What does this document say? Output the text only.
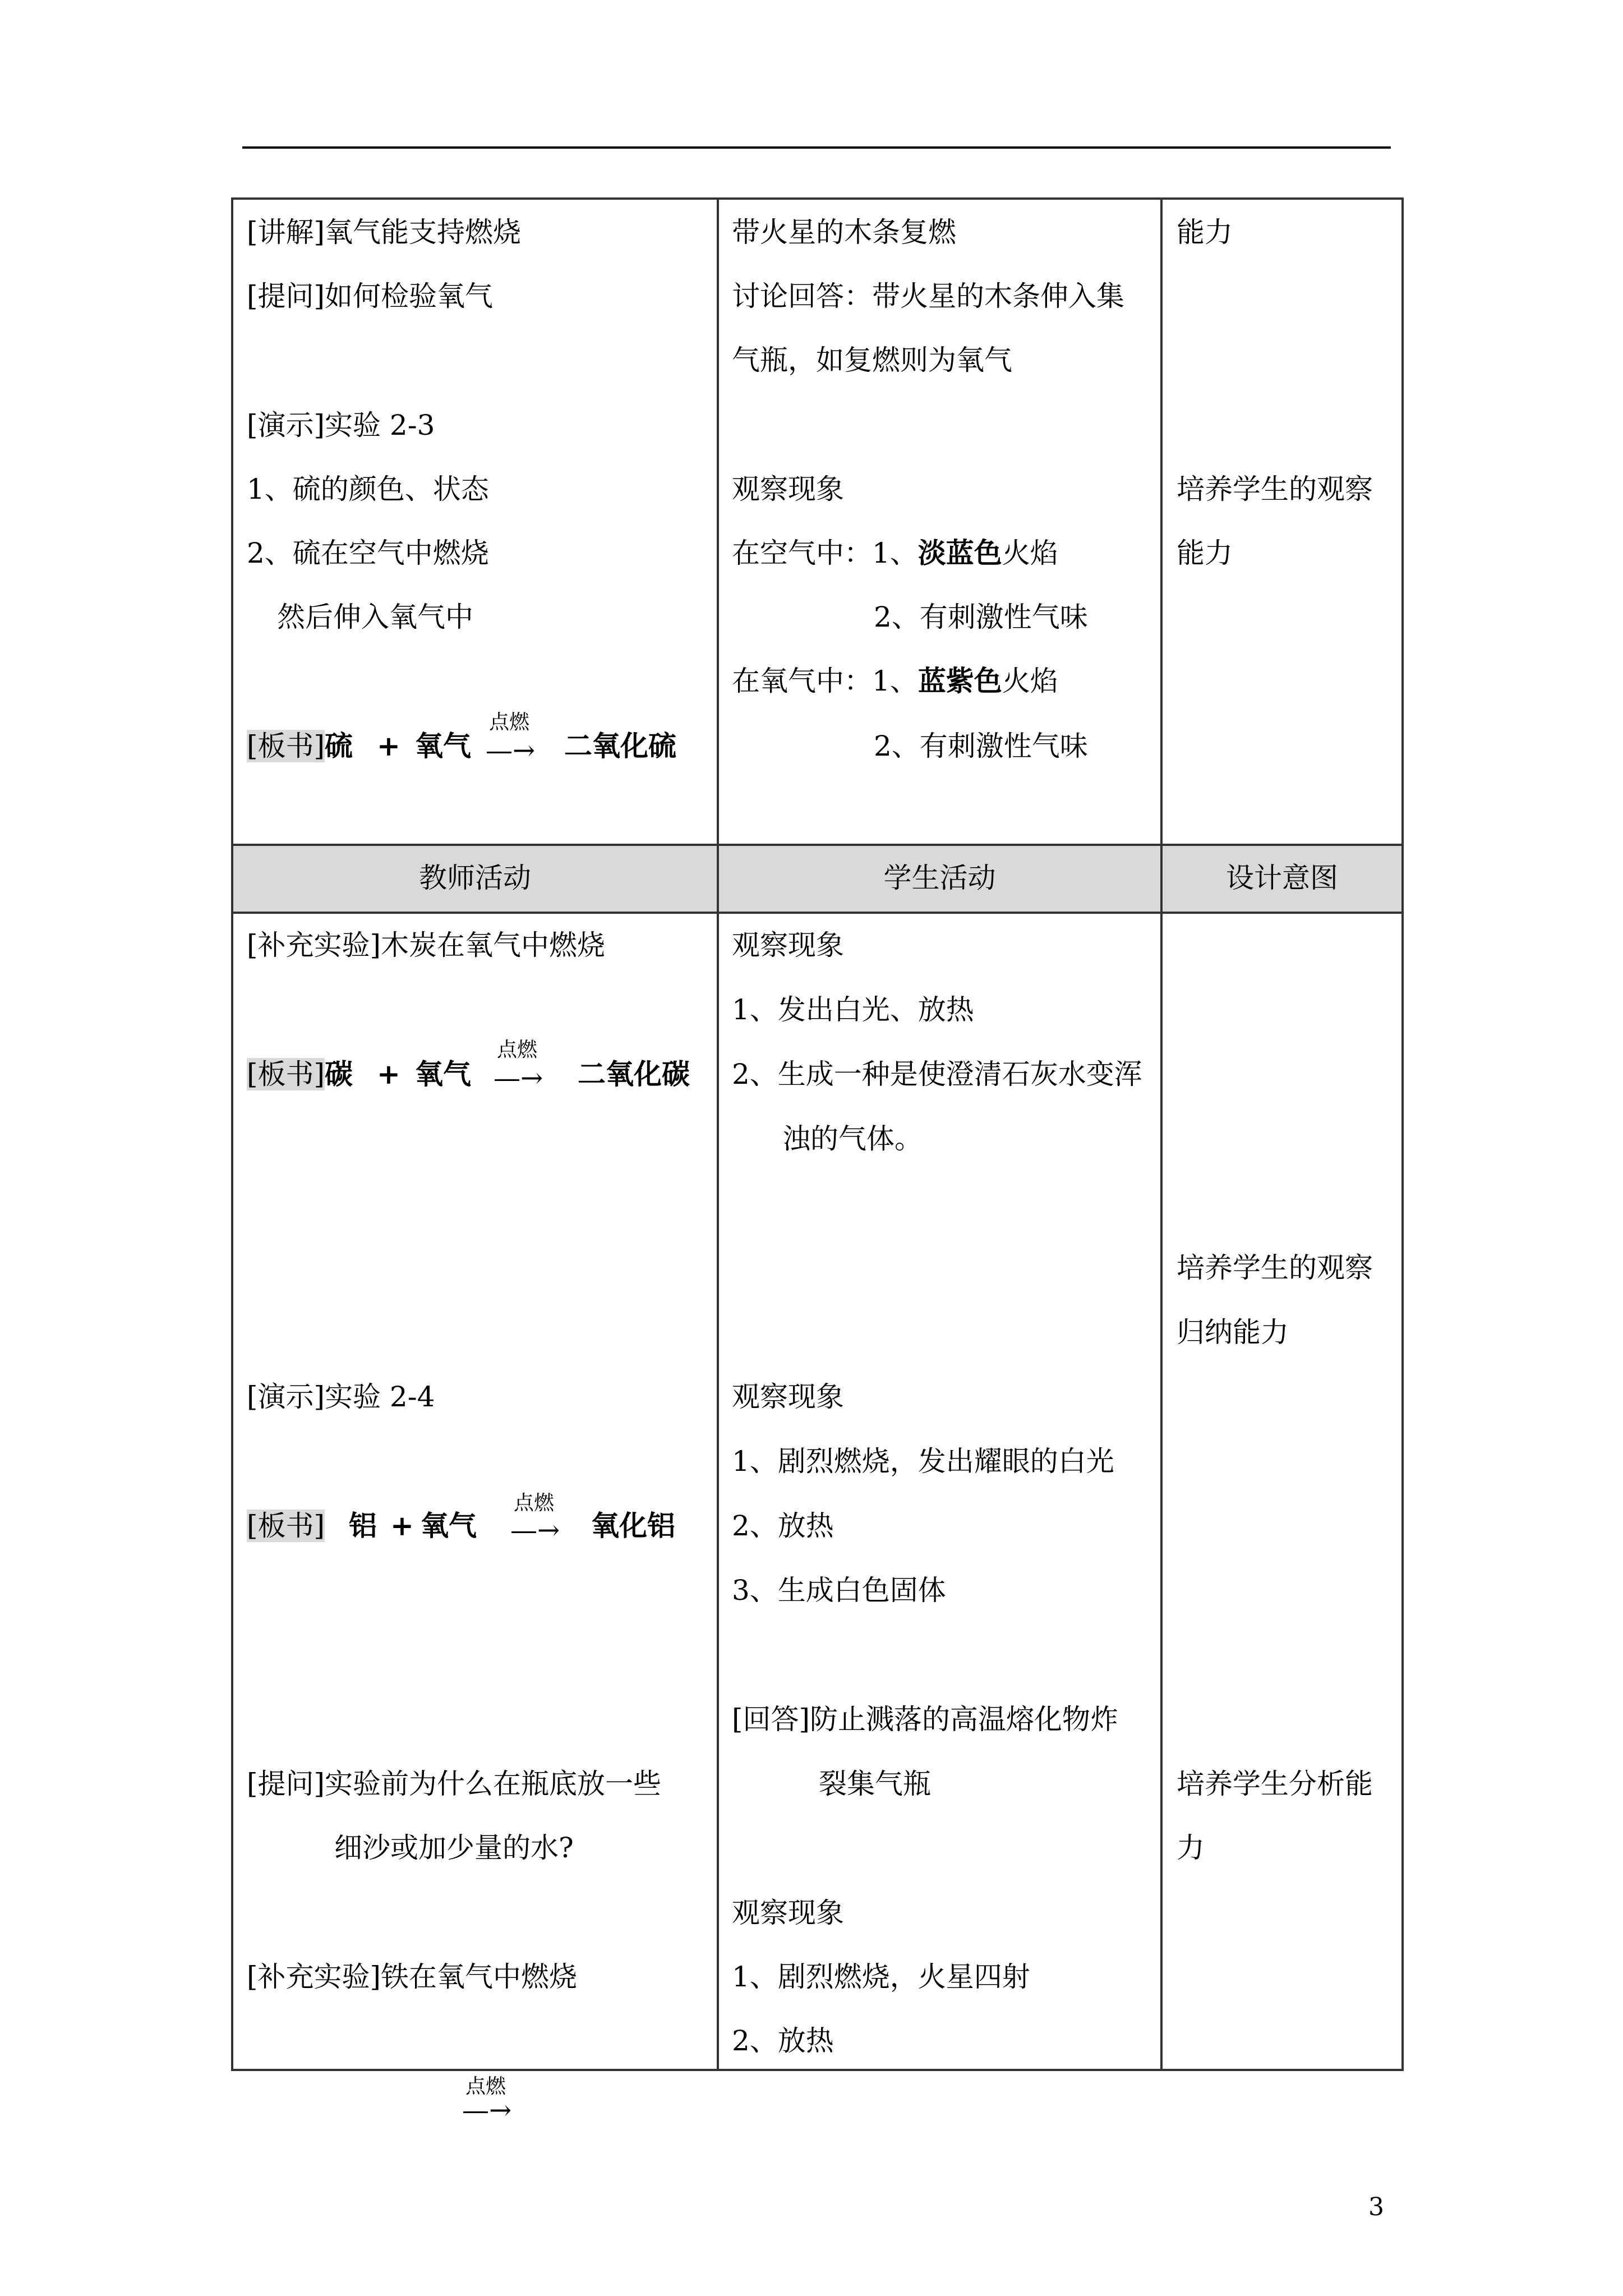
[讲解]氧气能支持燃烧
[提问]如何检验氧气
[演示]实验 2-3
1、硫的颜色、状态
2、硫在空气中燃烧
然后伸入氧气中
[板书]硫 + 氧气
点燃
—→ 二氧化硫
带火星的木条复燃
讨论回答：带火星的木条伸入集
气瓶，如复燃则为氧气
观察现象
在空气中：1、淡蓝色火焰
2、有刺激性气味
在氧气中：1、蓝紫色火焰
2、有刺激性气味
能力
培养学生的观察
能力
教师活动	学生活动	设计意图
[补充实验]木炭在氧气中燃烧
[板书]碳 + 氧气
点燃
—→ 二氧化碳
[演示]实验 2-4
[板书] 铝 + 氧气
点燃
—→ 氧化铝
[提问]实验前为什么在瓶底放一些
细沙或加少量的水?
[补充实验]铁在氧气中燃烧
观察现象
1、发出白光、放热
2、生成一种是使澄清石灰水变浑
浊的气体。
观察现象
1、剧烈燃烧，发出耀眼的白光
2、放热
3、生成白色固体
[回答]防止溅落的高温熔化物炸
裂集气瓶
观察现象
1、剧烈燃烧，火星四射
2、放热
培养学生的观察
归纳能力
培养学生分析能
力
点燃
—→
3
